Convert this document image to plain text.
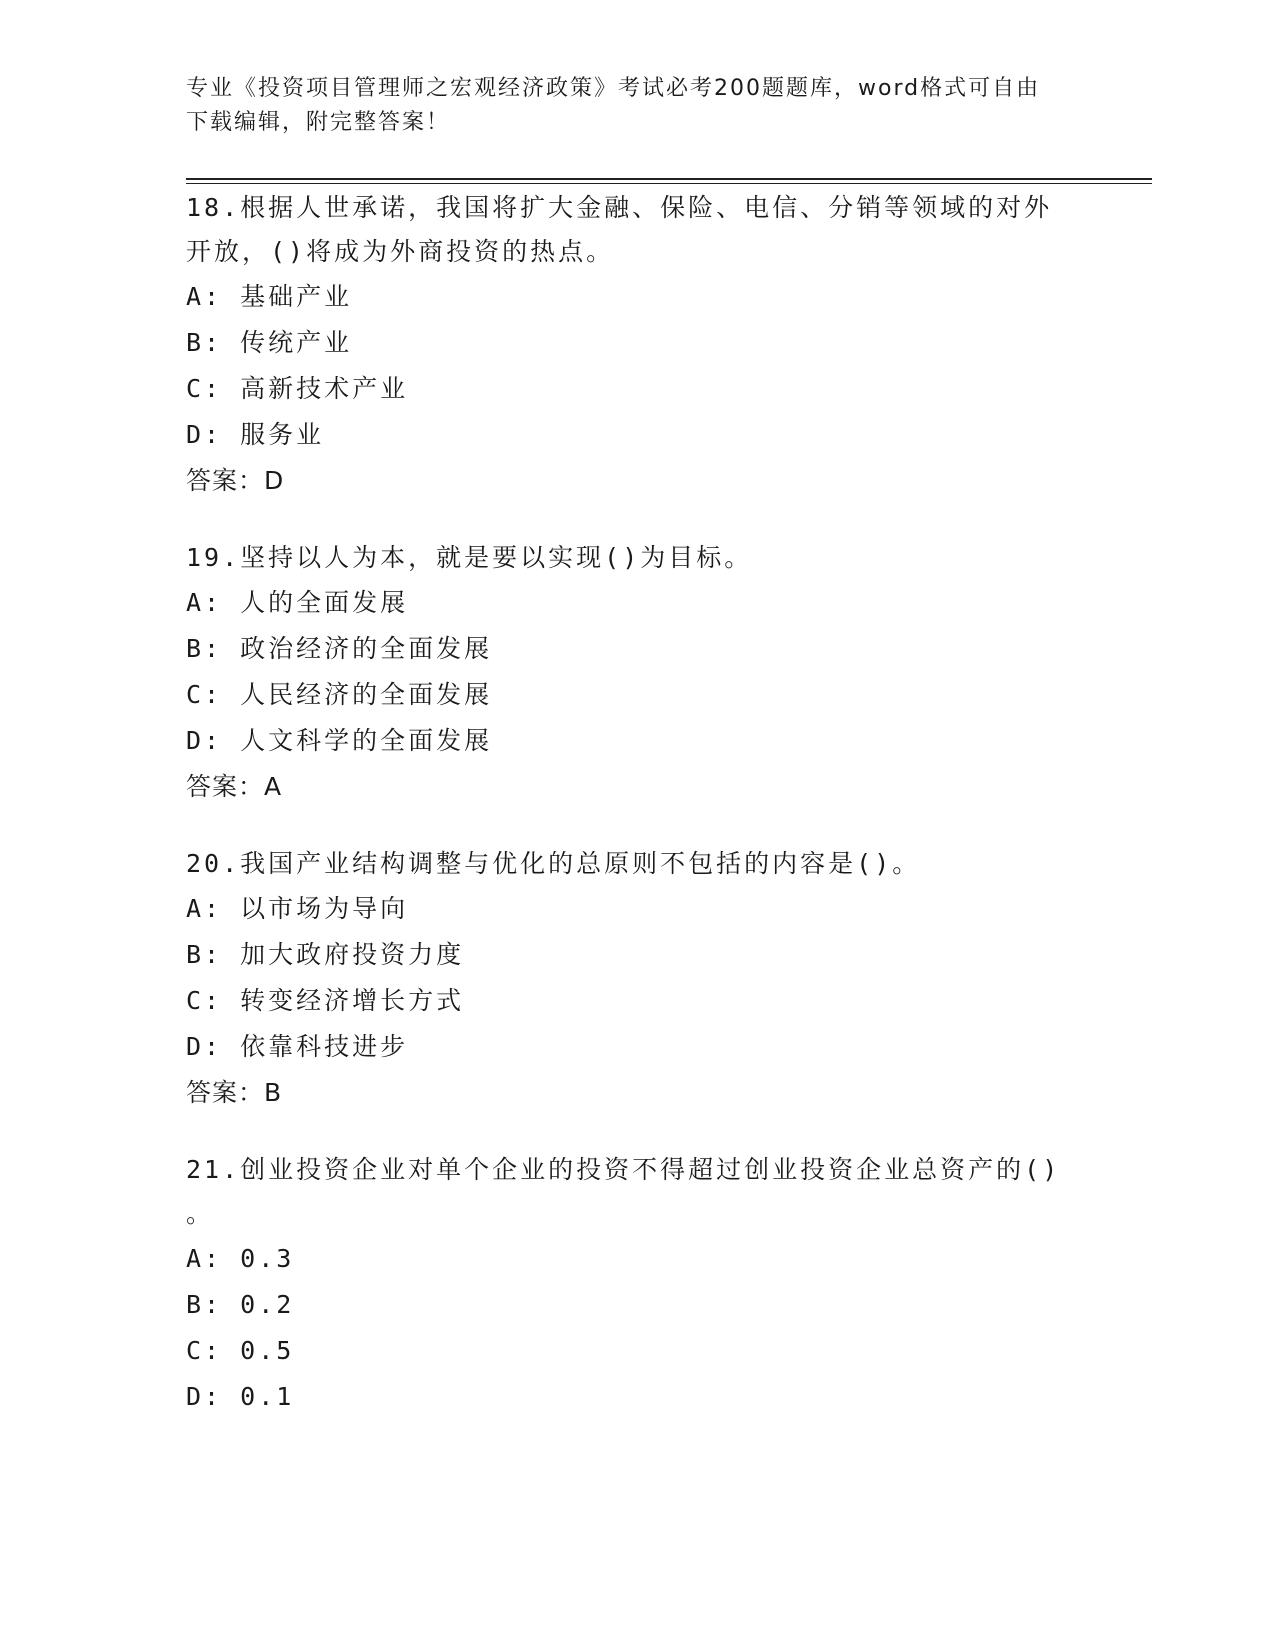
专业《投资项目管理师之宏观经济政策》考试必考200题题库，word格式可自由
下载编辑，附完整答案！
18.根据人世承诺，我国将扩大金融、保险、电信、分销等领域的对外
开放，()将成为外商投资的热点。
A: 基础产业
B: 传统产业
C: 高新技术产业
D: 服务业
答案：D
19.坚持以人为本，就是要以实现()为目标。
A: 人的全面发展
B: 政治经济的全面发展
C: 人民经济的全面发展
D: 人文科学的全面发展
答案：A
20.我国产业结构调整与优化的总原则不包括的内容是()。
A: 以市场为导向
B: 加大政府投资力度
C: 转变经济增长方式
D: 依靠科技进步
答案：B
21.创业投资企业对单个企业的投资不得超过创业投资企业总资产的()
。
A: 0.3
B: 0.2
C: 0.5
D: 0.1
